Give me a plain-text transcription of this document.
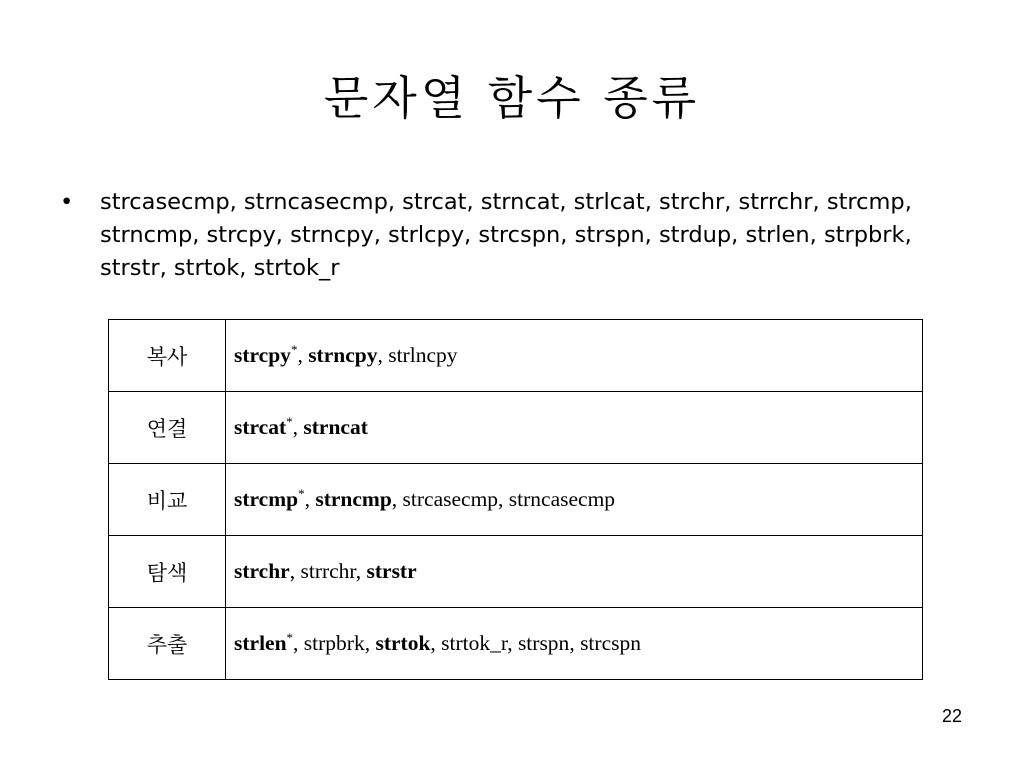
문자열 함수 종류
•	strcasecmp, strncasecmp, strcat, strncat, strlcat, strchr, strrchr, strcmp, strncmp, strcpy, strncpy, strlcpy, strcspn, strspn, strdup, strlen, strpbrk, strstr, strtok, strtok_r
복사	strcpy*, strncpy, strlncpy
연결	strcat*, strncat
비교	strcmp*, strncmp, strcasecmp, strncasecmp
탐색	strchr, strrchr, strstr
추출	strlen*, strpbrk, strtok, strtok_r, strspn, strcspn
22
